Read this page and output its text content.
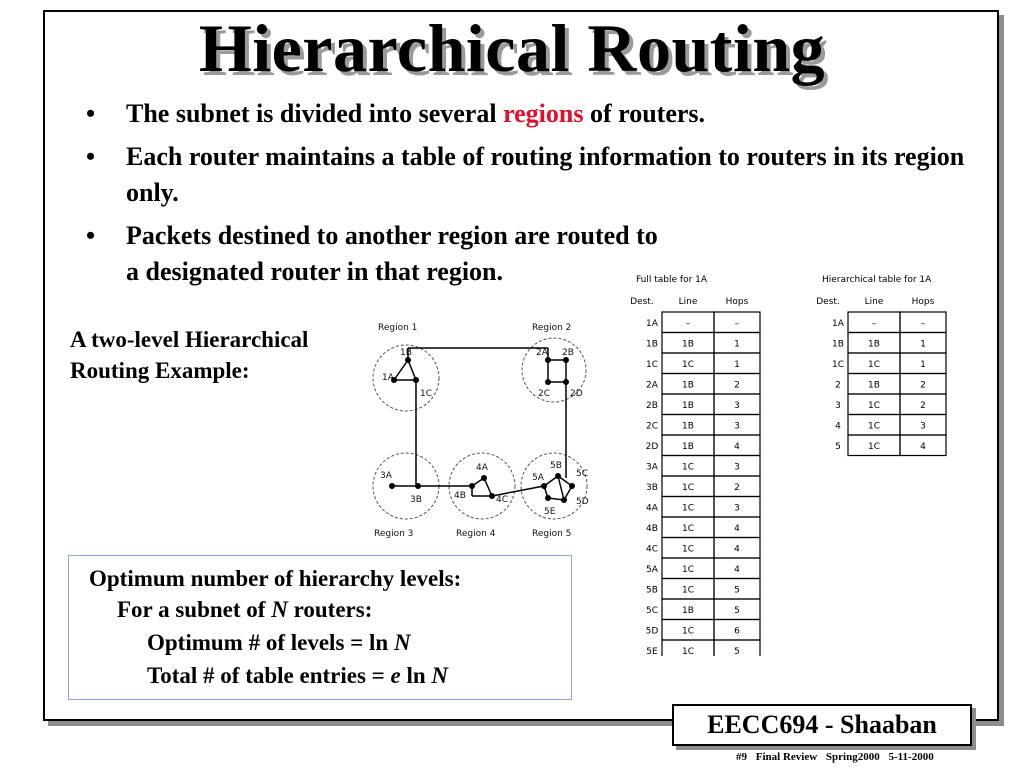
Hierarchical Routing
• The subnet is divided into several regions of routers.
• Each router maintains a table of routing information to routers in its region only.
• Packets destined to another region are routed to a designated router in that region.
A two-level Hierarchical
Routing Example:
Region 1	Region 2
Region 3	Region 4	Region 5
1A
1B
1C
2A 2B
2C 2D
3A
3B
4A
4B	4C
5A
5B
5C
5D
5E
Full table for 1A
Dest.	Line	Hops
1A	–	–
1B	1B	1
1C	1C	1
2A	1B	2
2B	1B	3
2C	1B	3
2D	1B	4
3A	1C	3
3B	1C	2
4A	1C	3
4B	1C	4
4C	1C	4
5A	1C	4
5B	1C	5
5C	1B	5
5D	1C	6
5E	1C	5
Hierarchical table for 1A
Dest.	Line	Hops
1A	–	–
1B	1B	1
1C	1C	1
2	1B	2
3	1C	2
4	1C	3
5	1C	4
Optimum number of hierarchy levels:
For a subnet of N routers:
Optimum # of levels = ln N
Total # of table entries = e ln N
EECC694 - Shaaban
#9 Final Review Spring2000 5-11-2000
